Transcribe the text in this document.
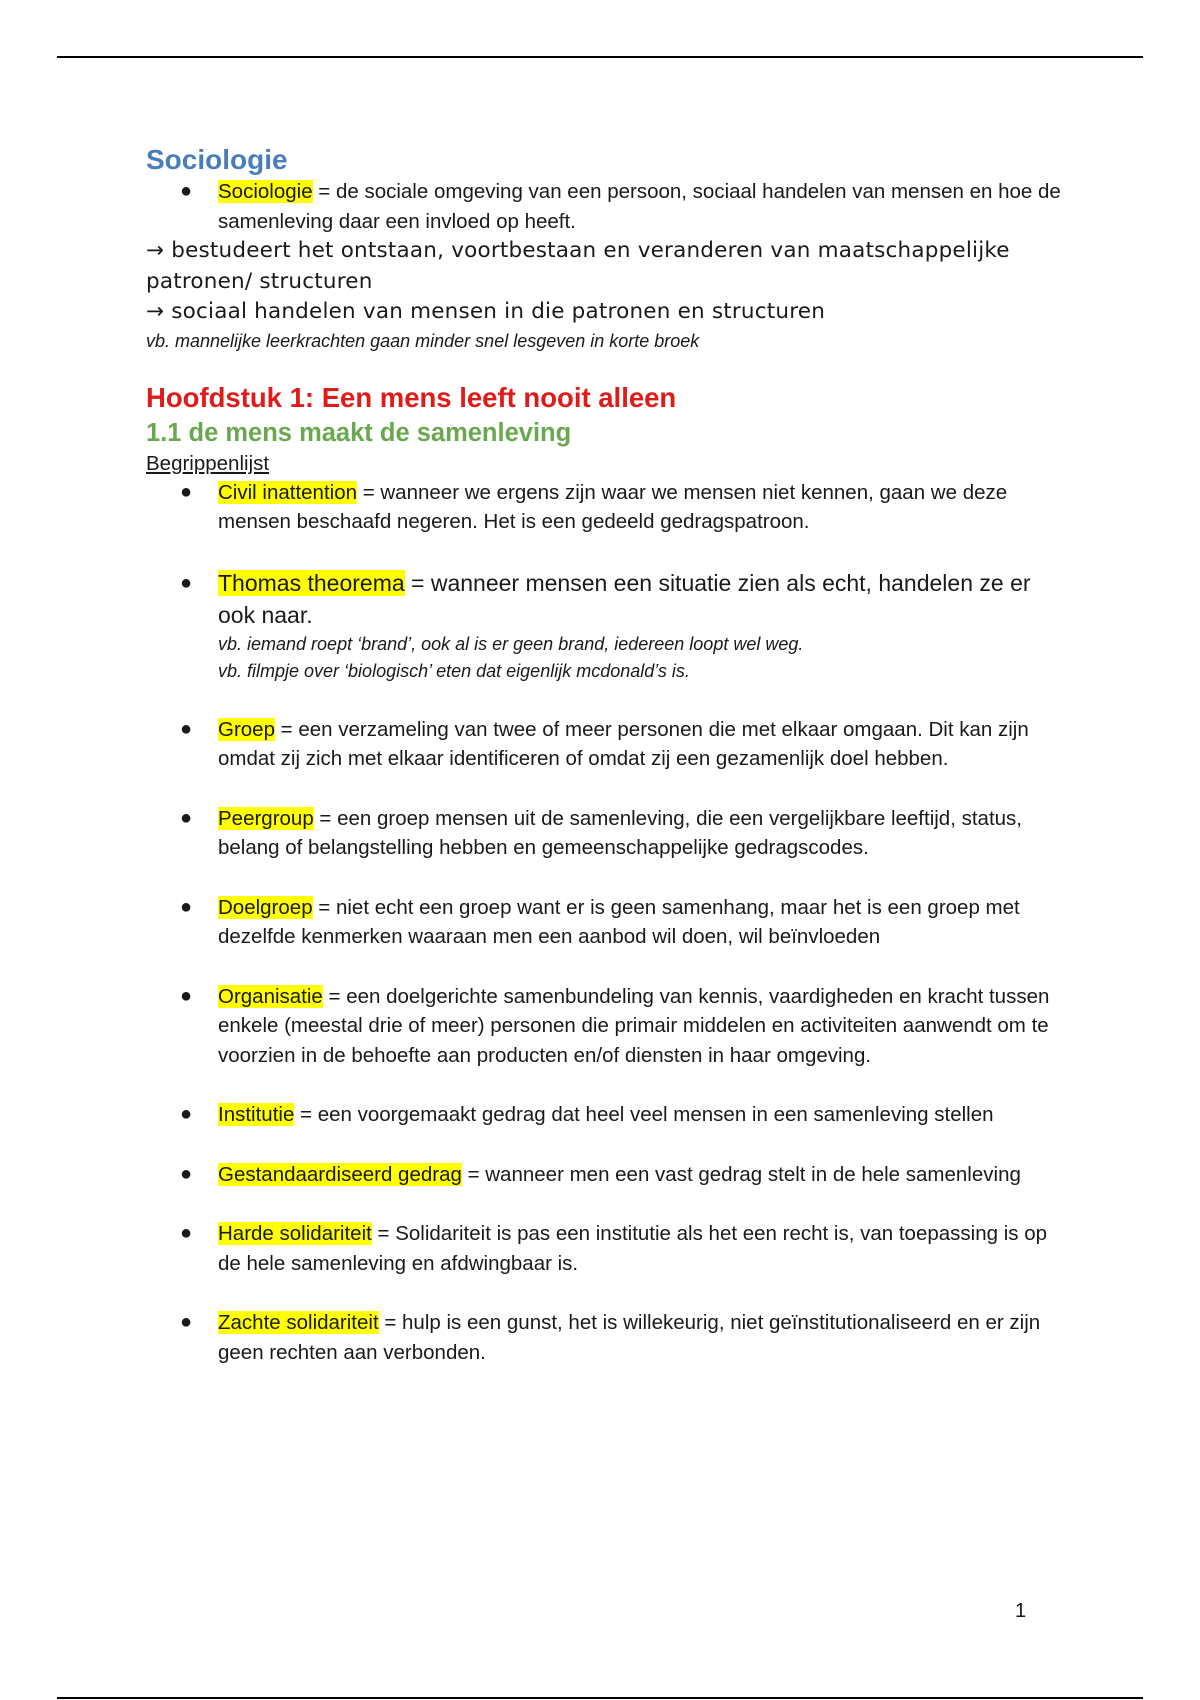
Sociologie
● Sociologie = de sociale omgeving van een persoon, sociaal handelen van mensen en hoe de samenleving daar een invloed op heeft.
→ bestudeert het ontstaan, voortbestaan en veranderen van maatschappelijke patronen/ structuren
→ sociaal handelen van mensen in die patronen en structuren

vb. mannelijke leerkrachten gaan minder snel lesgeven in korte broek

Hoofdstuk 1: Een mens leeft nooit alleen
1.1 de mens maakt de samenleving
Begrippenlijst
● Civil inattention = wanneer we ergens zijn waar we mensen niet kennen, gaan we deze mensen beschaafd negeren. Het is een gedeeld gedragspatroon.
● Thomas theorema = wanneer mensen een situatie zien als echt, handelen ze er ook naar.

vb. iemand roept ‘brand’, ook al is er geen brand, iedereen loopt wel weg.

vb. filmpje over ‘biologisch’ eten dat eigenlijk mcdonald’s is.

● Groep = een verzameling van twee of meer personen die met elkaar omgaan. Dit kan zijn omdat zij zich met elkaar identificeren of omdat zij een gezamenlijk doel hebben.
● Peergroup = een groep mensen uit de samenleving, die een vergelijkbare leeftijd, status, belang of belangstelling hebben en gemeenschappelijke gedragscodes.
● Doelgroep = niet echt een groep want er is geen samenhang, maar het is een groep met dezelfde kenmerken waaraan men een aanbod wil doen, wil beïnvloeden
● Organisatie = een doelgerichte samenbundeling van kennis, vaardigheden en kracht tussen enkele (meestal drie of meer) personen die primair middelen en activiteiten aanwendt om te voorzien in de behoefte aan producten en/of diensten in haar omgeving.
● Institutie = een voorgemaakt gedrag dat heel veel mensen in een samenleving stellen
● Gestandaardiseerd gedrag = wanneer men een vast gedrag stelt in de hele samenleving
● Harde solidariteit = Solidariteit is pas een institutie als het een recht is, van toepassing is op de hele samenleving en afdwingbaar is.
● Zachte solidariteit = hulp is een gunst, het is willekeurig, niet geïnstitutionaliseerd en er zijn geen rechten aan verbonden.
1
